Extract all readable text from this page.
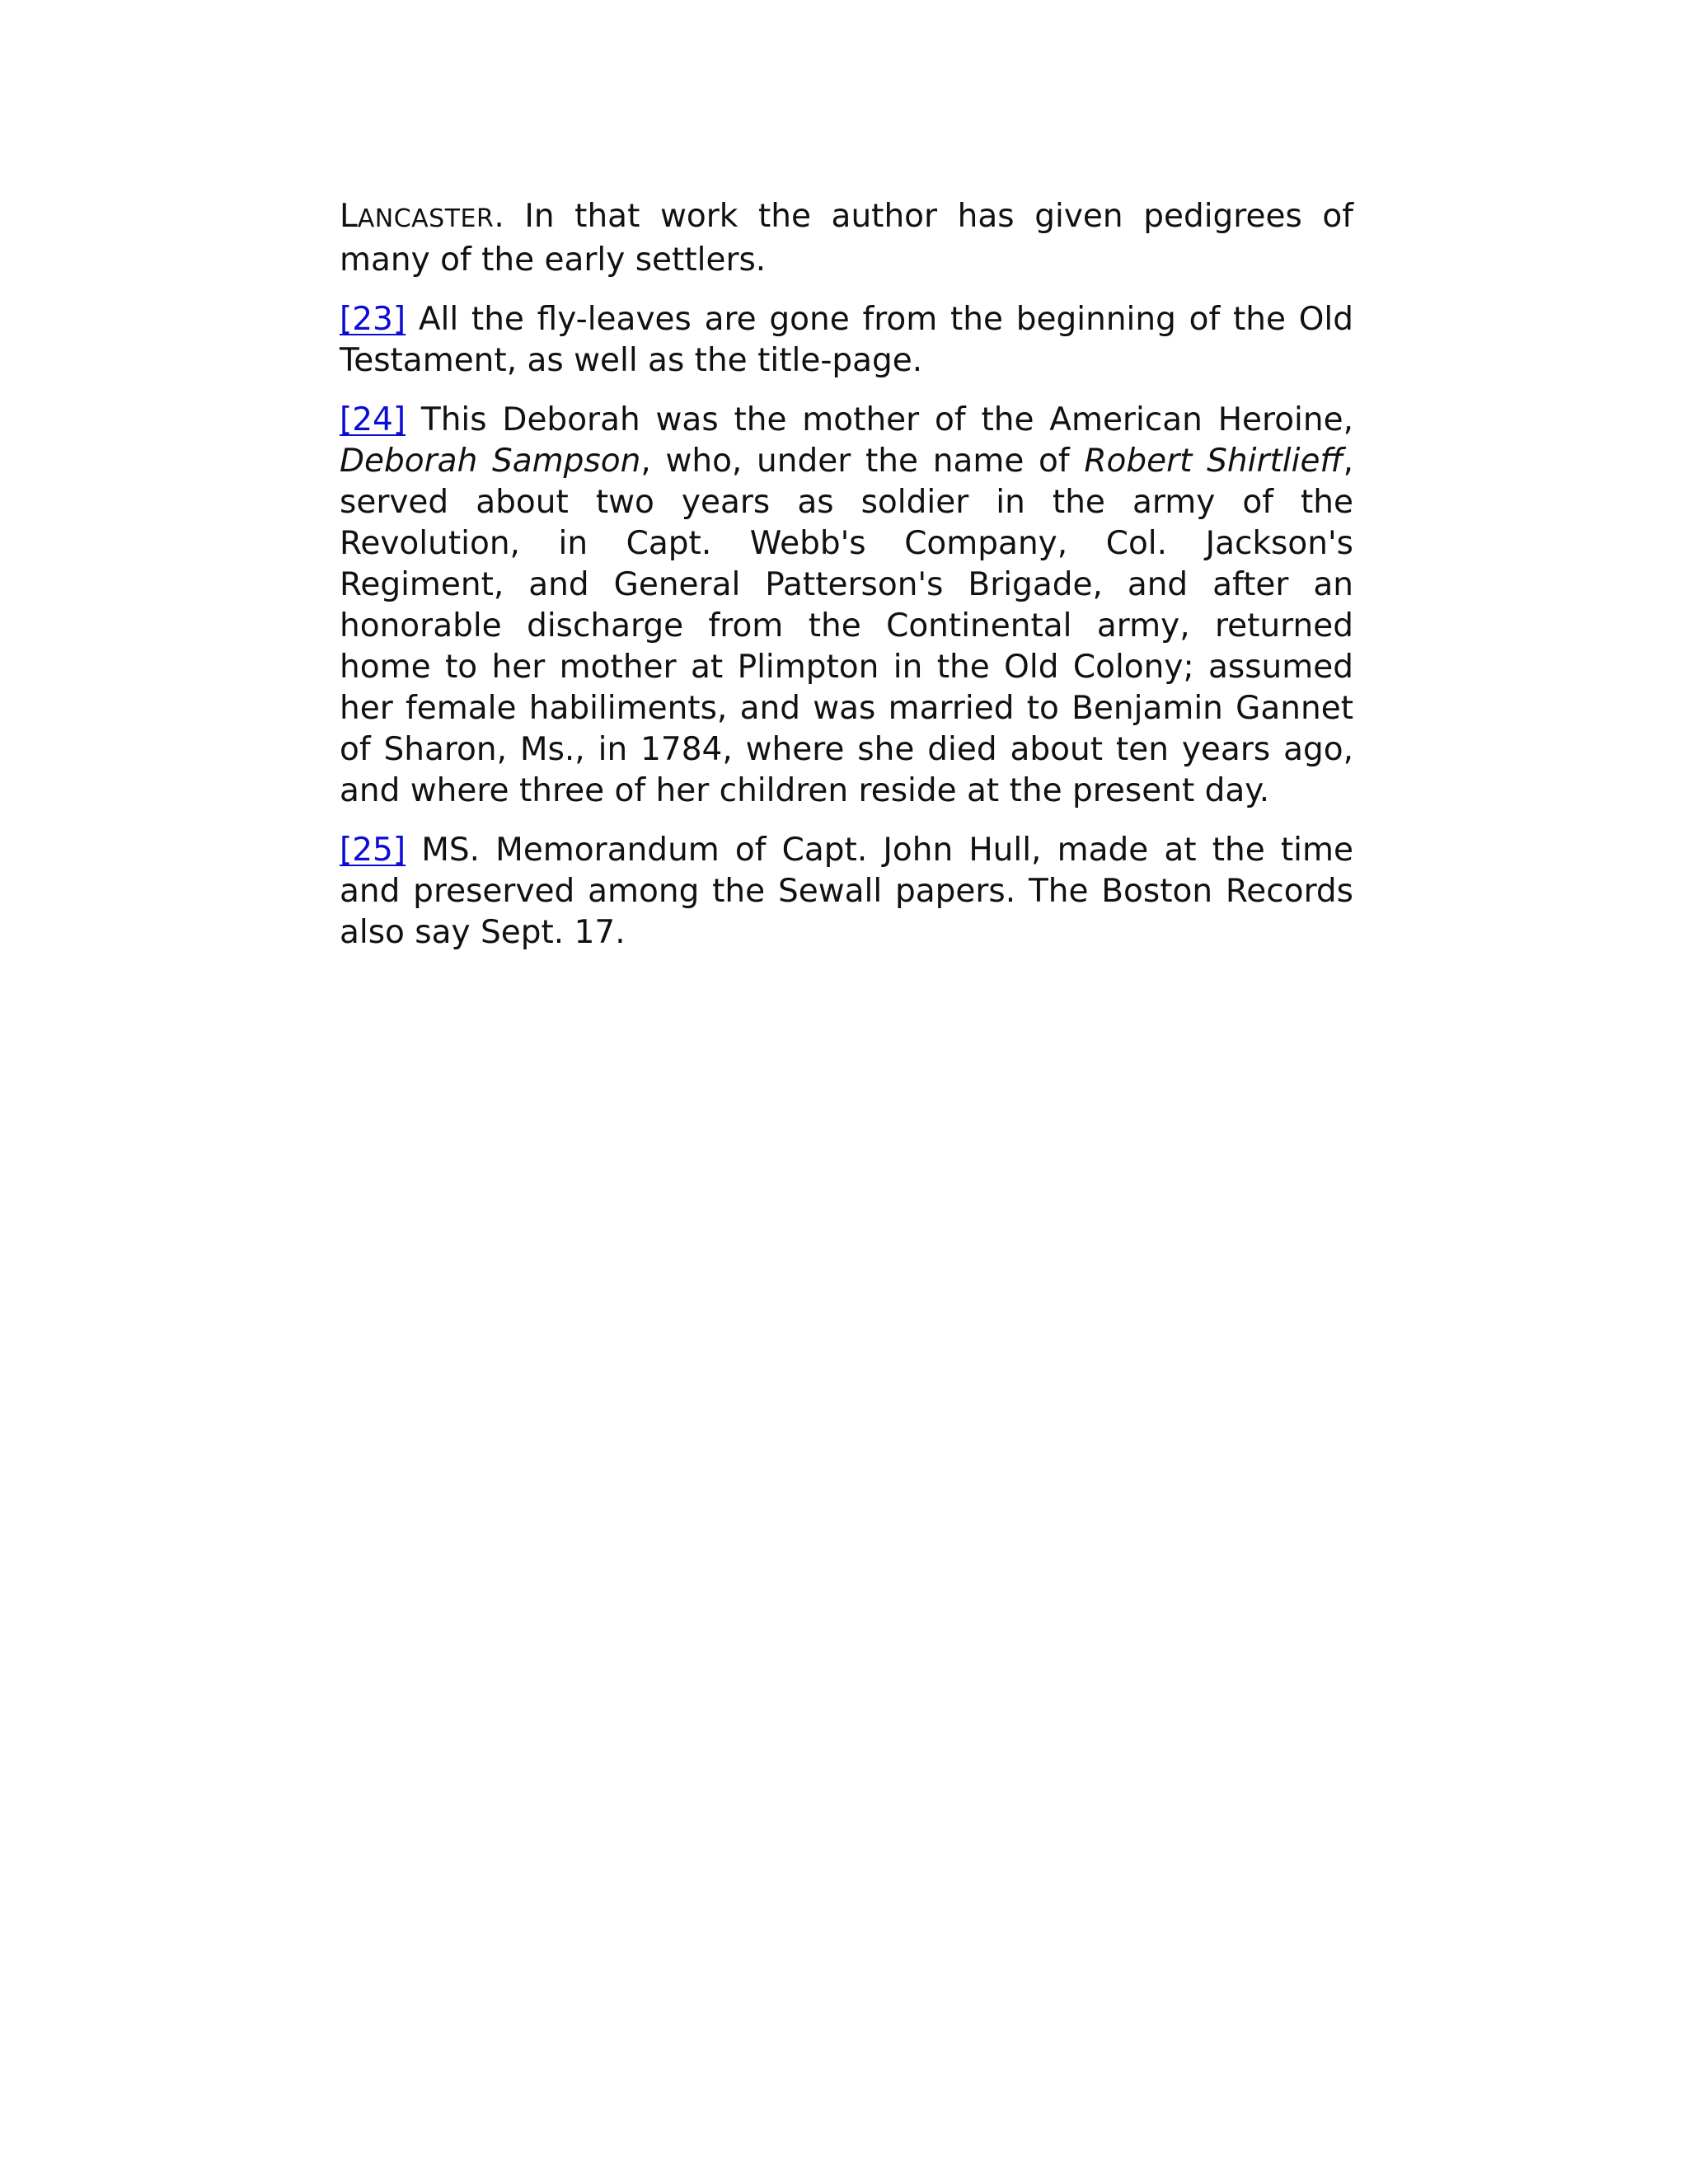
LANCASTER. In that work the author has given pedigrees of many of the early settlers.

[23] All the fly-leaves are gone from the beginning of the Old Testament, as well as the title-page.

[24] This Deborah was the mother of the American Heroine, Deborah Sampson, who, under the name of Robert Shirtlieff, served about two years as soldier in the army of the Revolution, in Capt. Webb's Company, Col. Jackson's Regiment, and General Patterson's Brigade, and after an honorable discharge from the Continental army, returned home to her mother at Plimpton in the Old Colony; assumed her female habiliments, and was married to Benjamin Gannet of Sharon, Ms., in 1784, where she died about ten years ago, and where three of her children reside at the present day.

[25] MS. Memorandum of Capt. John Hull, made at the time and preserved among the Sewall papers. The Boston Records also say Sept. 17.
